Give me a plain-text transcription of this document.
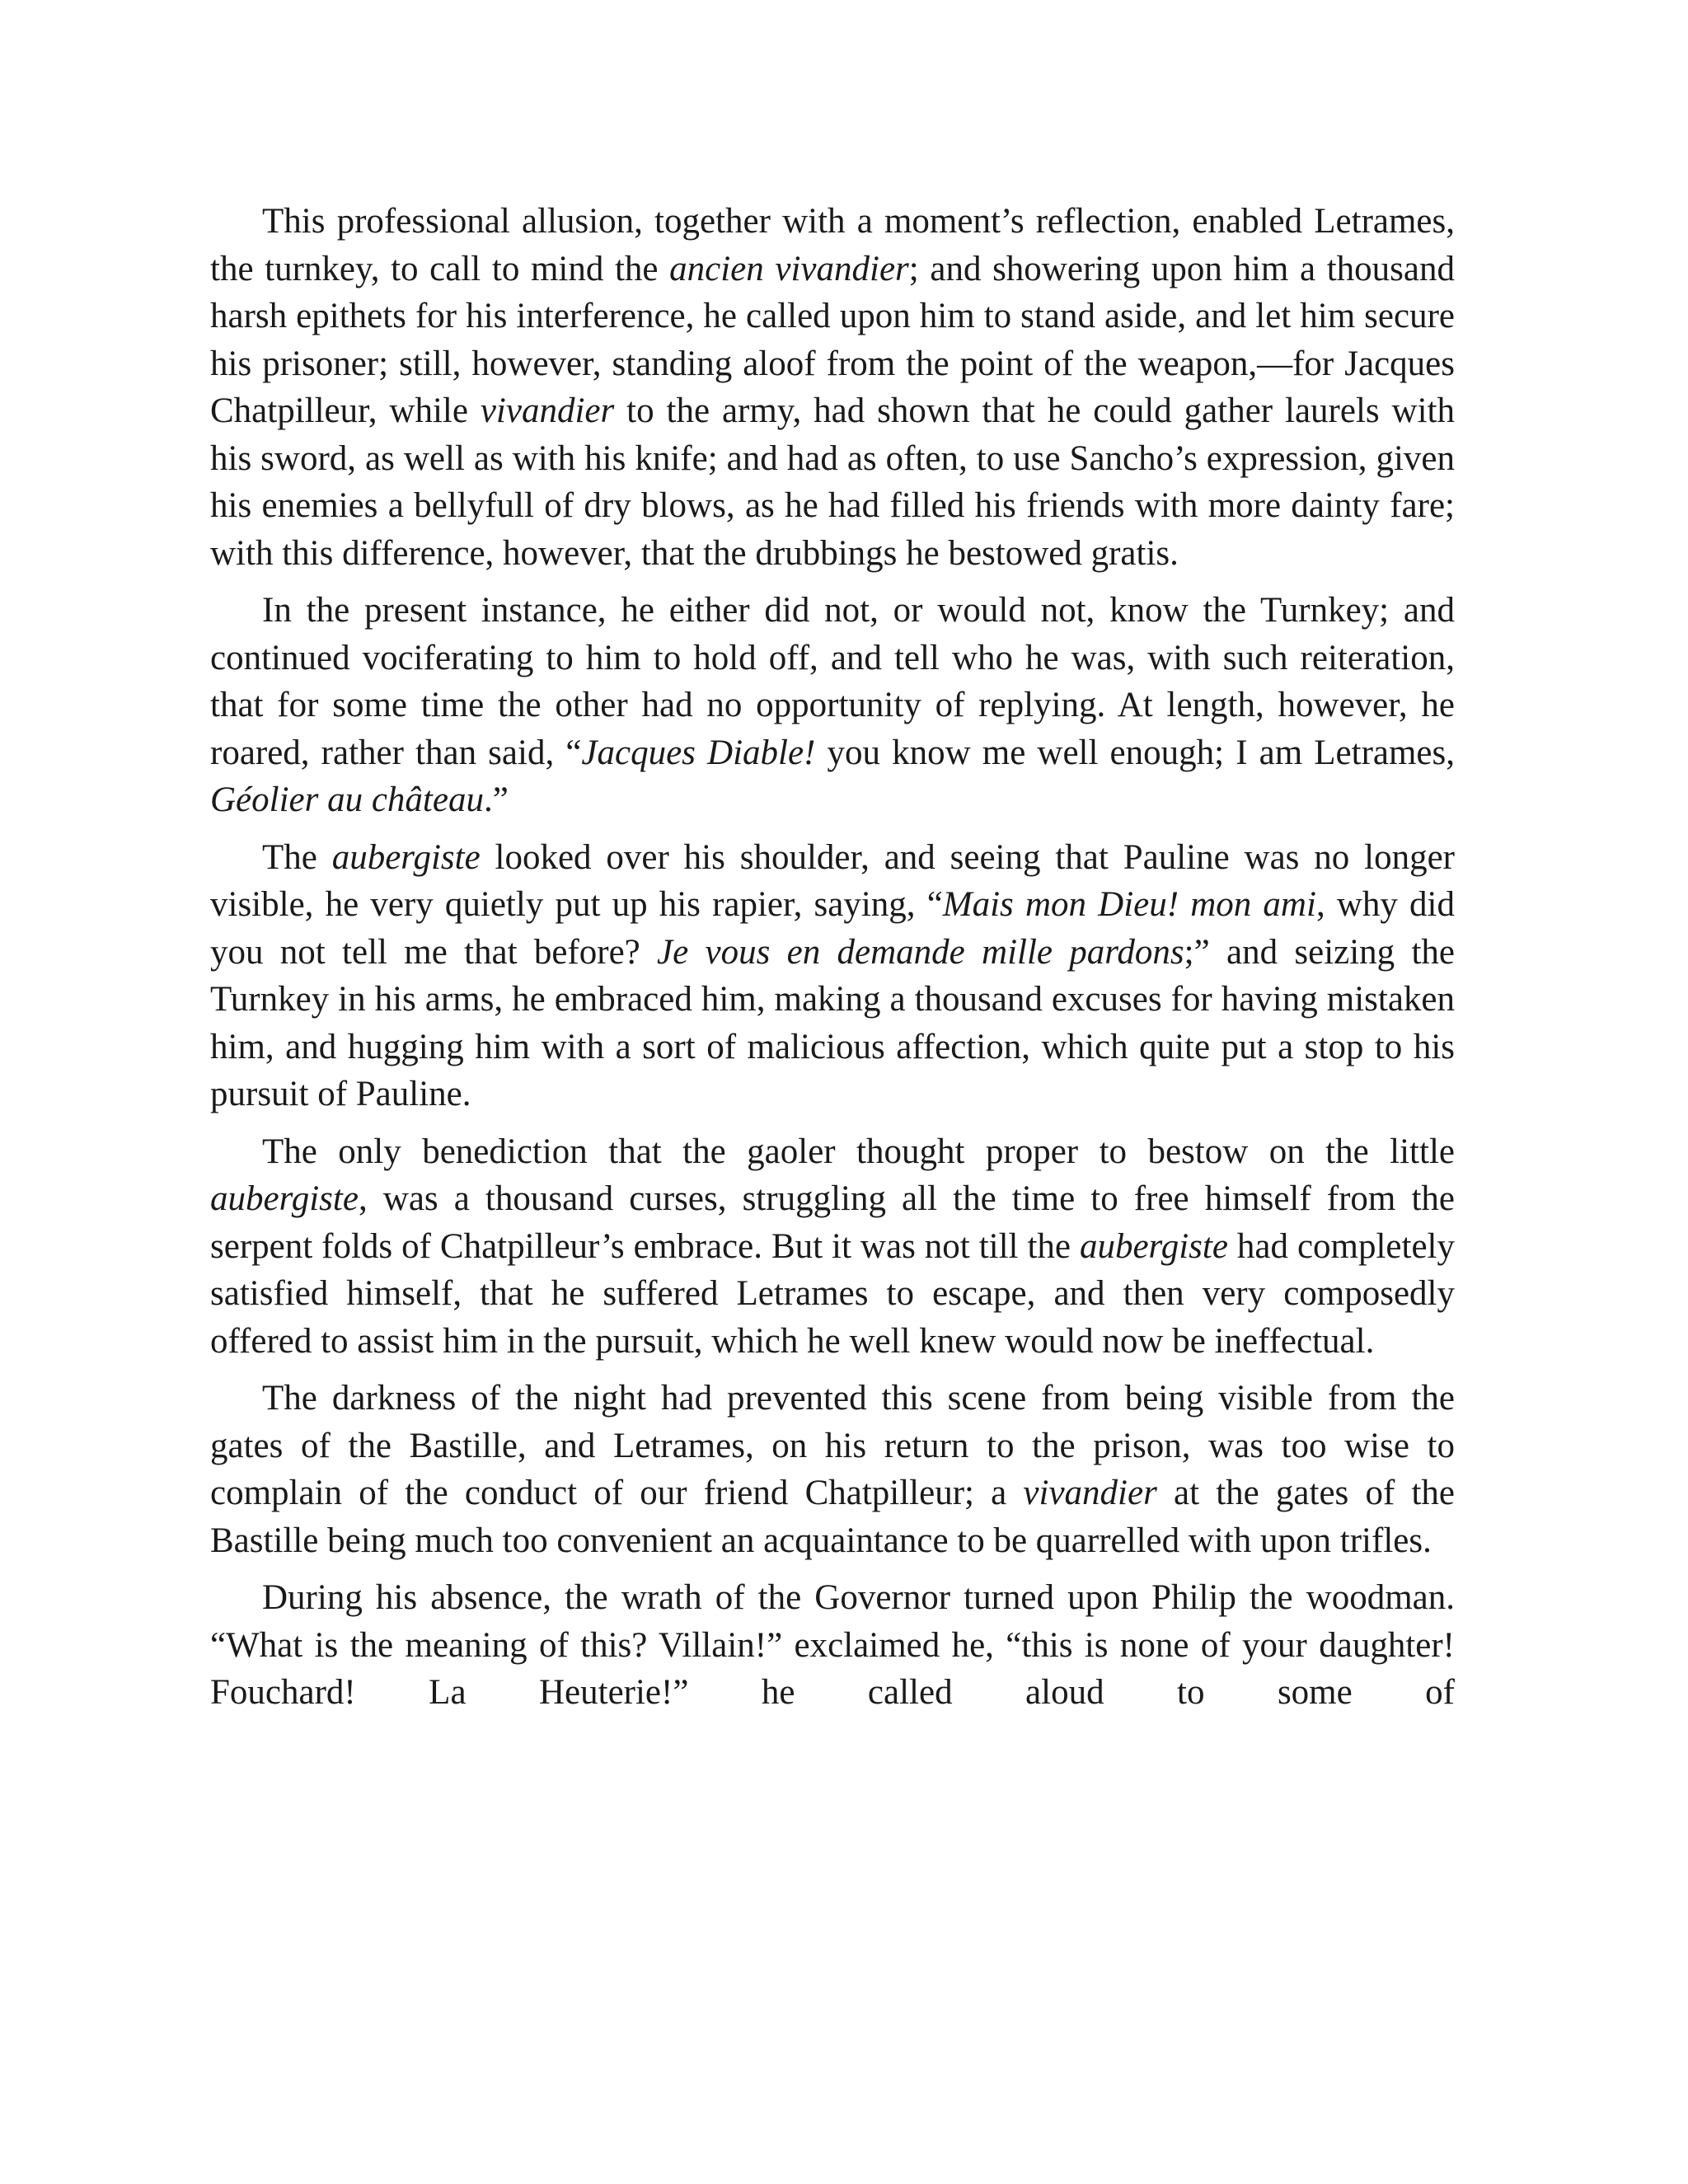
This professional allusion, together with a moment’s reflection, enabled Letrames, the turnkey, to call to mind the ancien vivandier; and showering upon him a thousand harsh epithets for his interference, he called upon him to stand aside, and let him secure his prisoner; still, however, standing aloof from the point of the weapon,—for Jacques Chatpilleur, while vivandier to the army, had shown that he could gather laurels with his sword, as well as with his knife; and had as often, to use Sancho’s expression, given his enemies a bellyfull of dry blows, as he had filled his friends with more dainty fare; with this difference, however, that the drubbings he bestowed gratis.

In the present instance, he either did not, or would not, know the Turnkey; and continued vociferating to him to hold off, and tell who he was, with such reiteration, that for some time the other had no opportunity of replying. At length, however, he roared, rather than said, “Jacques Diable! you know me well enough; I am Letrames, Géolier au château.”

The aubergiste looked over his shoulder, and seeing that Pauline was no longer visible, he very quietly put up his rapier, saying, “Mais mon Dieu! mon ami, why did you not tell me that before? Je vous en demande mille pardons;” and seizing the Turnkey in his arms, he embraced him, making a thousand excuses for having mistaken him, and hugging him with a sort of malicious affection, which quite put a stop to his pursuit of Pauline.

The only benediction that the gaoler thought proper to bestow on the little aubergiste, was a thousand curses, struggling all the time to free himself from the serpent folds of Chatpilleur’s embrace. But it was not till the aubergiste had completely satisfied himself, that he suffered Letrames to escape, and then very composedly offered to assist him in the pursuit, which he well knew would now be ineffectual.

The darkness of the night had prevented this scene from being visible from the gates of the Bastille, and Letrames, on his return to the prison, was too wise to complain of the conduct of our friend Chatpilleur; a vivandier at the gates of the Bastille being much too convenient an acquaintance to be quarrelled with upon trifles.

During his absence, the wrath of the Governor turned upon Philip the woodman. “What is the meaning of this? Villain!” exclaimed he, “this is none of your daughter! Fouchard! La Heuterie!” he called aloud to some of
